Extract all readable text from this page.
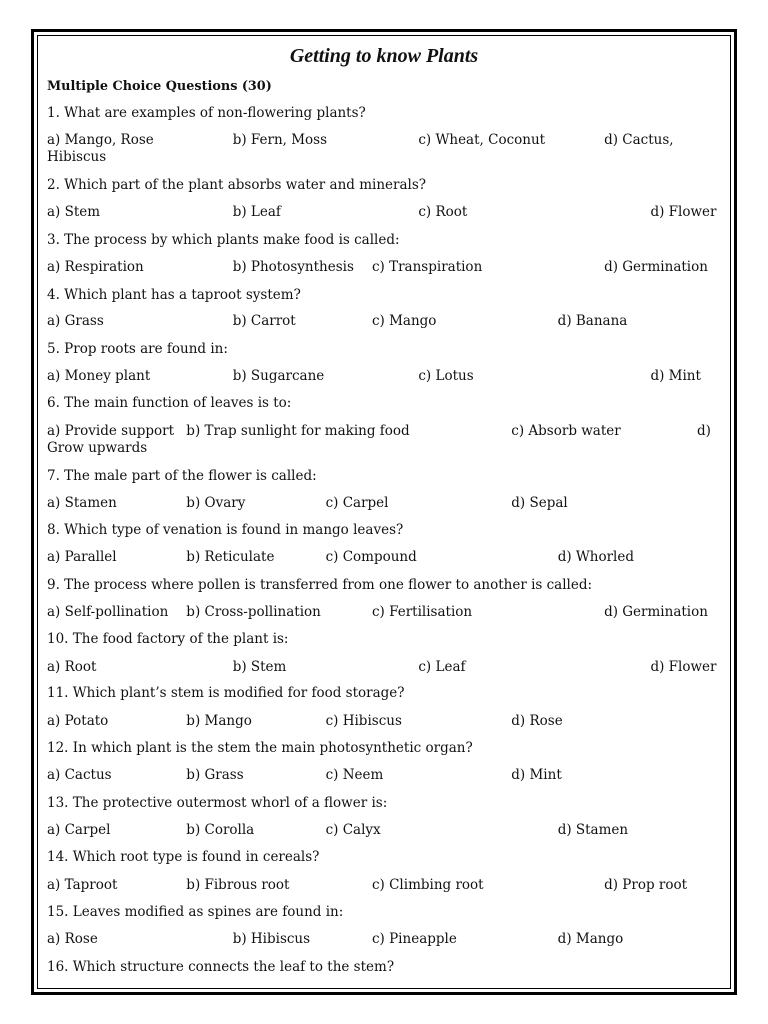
Getting to know Plants
Multiple Choice Questions (30)
1. What are examples of non-flowering plants?
a) Mango, Rose	b) Fern, Moss	c) Wheat, Coconut	d) Cactus, Hibiscus
2. Which part of the plant absorbs water and minerals?
a) Stem	b) Leaf	c) Root	d) Flower
3. The process by which plants make food is called:
a) Respiration	b) Photosynthesis c) Transpiration	d) Germination
4. Which plant has a taproot system?
a) Grass	b) Carrot	c) Mango	d) Banana
5. Prop roots are found in:
a) Money plant	b) Sugarcane	c) Lotus	d) Mint
6. The main function of leaves is to:
a) Provide support b) Trap sunlight for making food	c) Absorb water	d) Grow upwards
7. The male part of the flower is called:
a) Stamen	b) Ovary	c) Carpel	d) Sepal
8. Which type of venation is found in mango leaves?
a) Parallel	b) Reticulate	c) Compound	d) Whorled
9. The process where pollen is transferred from one flower to another is called:
a) Self-pollination b) Cross-pollination	c) Fertilisation	d) Germination
10. The food factory of the plant is:
a) Root	b) Stem	c) Leaf	d) Flower
11. Which plant’s stem is modified for food storage?
a) Potato	b) Mango	c) Hibiscus	d) Rose
12. In which plant is the stem the main photosynthetic organ?
a) Cactus	b) Grass	c) Neem	d) Mint
13. The protective outermost whorl of a flower is:
a) Carpel	b) Corolla	c) Calyx	d) Stamen
14. Which root type is found in cereals?
a) Taproot	b) Fibrous root	c) Climbing root	d) Prop root
15. Leaves modified as spines are found in:
a) Rose	b) Hibiscus	c) Pineapple	d) Mango
16. Which structure connects the leaf to the stem?
